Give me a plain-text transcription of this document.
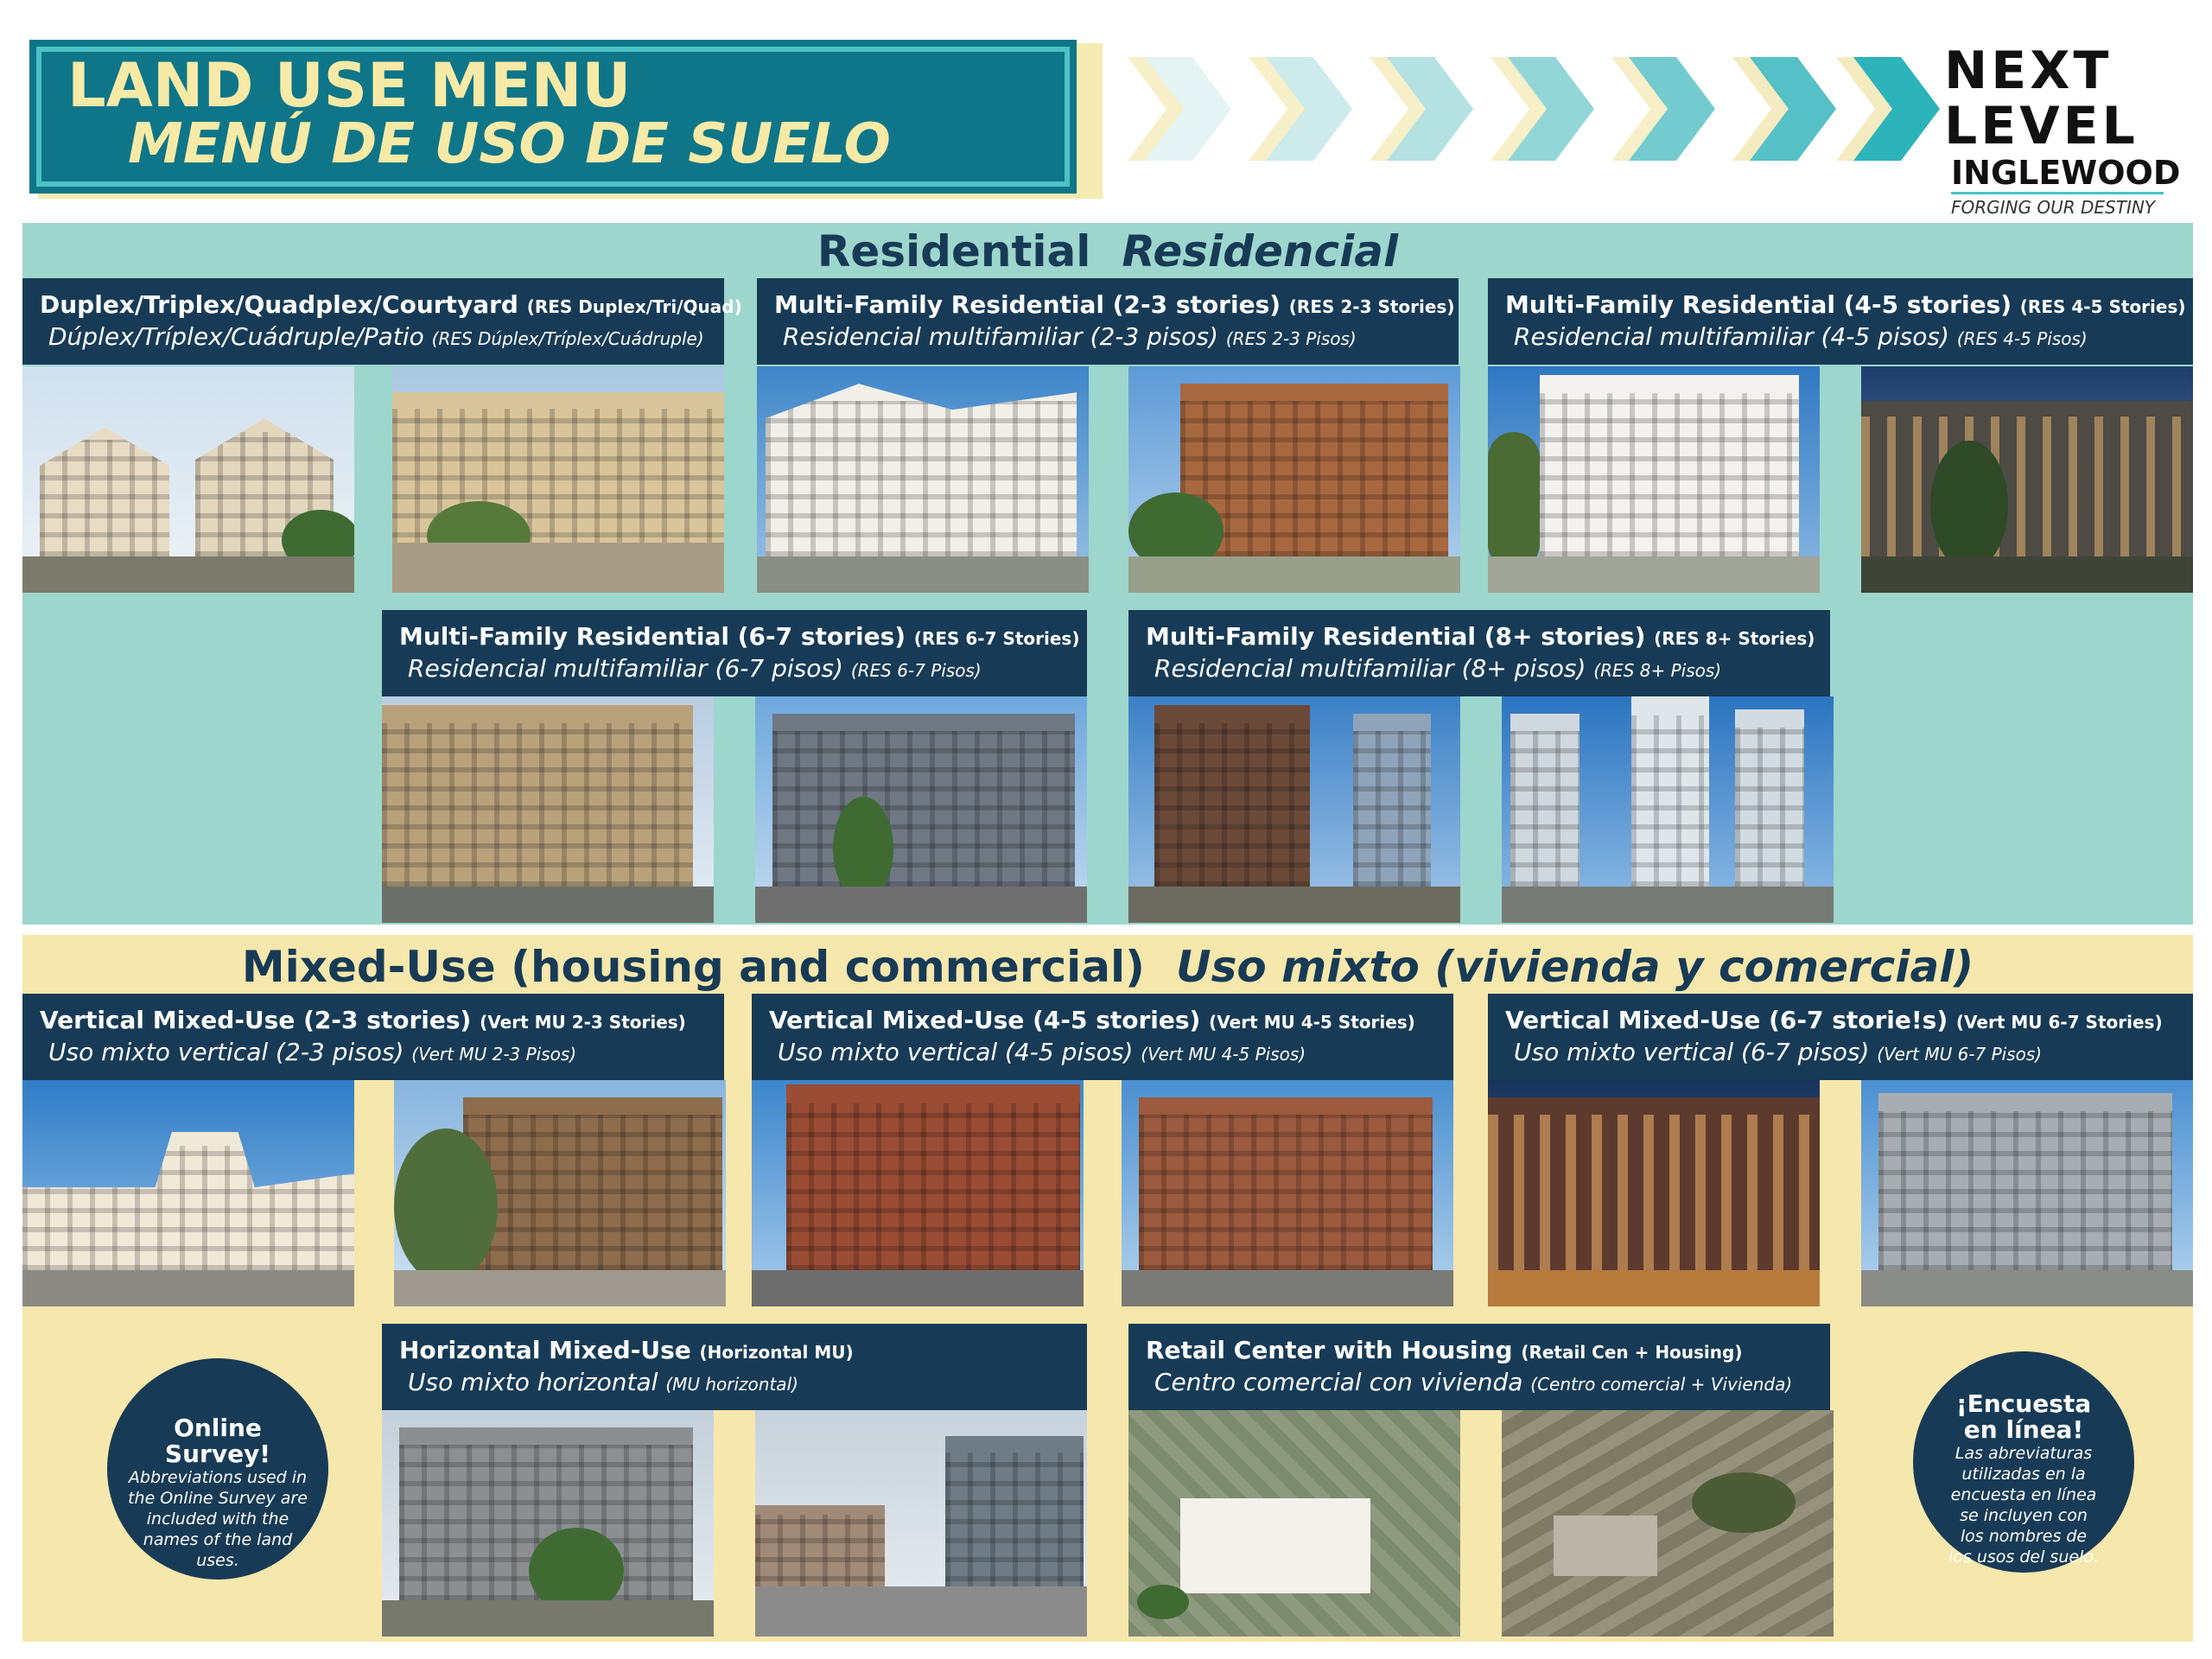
LAND USE MENU
MENÚ DE USO DE SUELO
NEXT
LEVEL
INGLEWOOD
FORGING OUR DESTINY
Residential Residencial
Duplex/Triplex/Quadplex/Courtyard (RES Duplex/Tri/Quad)
Dúplex/Tríplex/Cuádruple/Patio (RES Dúplex/Tríplex/Cuádruple)
Multi-Family Residential (2-3 stories) (RES 2-3 Stories)
Residencial multifamiliar (2-3 pisos) (RES 2-3 Pisos)
Multi-Family Residential (4-5 stories) (RES 4-5 Stories)
Residencial multifamiliar (4-5 pisos) (RES 4-5 Pisos)
Multi-Family Residential (6-7 stories) (RES 6-7 Stories)
Residencial multifamiliar (6-7 pisos) (RES 6-7 Pisos)
Multi-Family Residential (8+ stories) (RES 8+ Stories)
Residencial multifamiliar (8+ pisos) (RES 8+ Pisos)
Mixed-Use (housing and commercial) Uso mixto (vivienda y comercial)
Vertical Mixed-Use (2-3 stories) (Vert MU 2-3 Stories)
Uso mixto vertical (2-3 pisos) (Vert MU 2-3 Pisos)
Vertical Mixed-Use (4-5 stories) (Vert MU 4-5 Stories)
Uso mixto vertical (4-5 pisos) (Vert MU 4-5 Pisos)
Vertical Mixed-Use (6-7 storie!s) (Vert MU 6-7 Stories)
Uso mixto vertical (6-7 pisos) (Vert MU 6-7 Pisos)
Horizontal Mixed-Use (Horizontal MU)
Uso mixto horizontal (MU horizontal)
Retail Center with Housing (Retail Cen + Housing)
Centro comercial con vivienda (Centro comercial + Vivienda)
Online Survey!
Abbreviations used in the Online Survey are included with the names of the land uses.
¡Encuesta en línea!
Las abreviaturas utilizadas en la encuesta en línea se incluyen con los nombres de los usos del suelo.
